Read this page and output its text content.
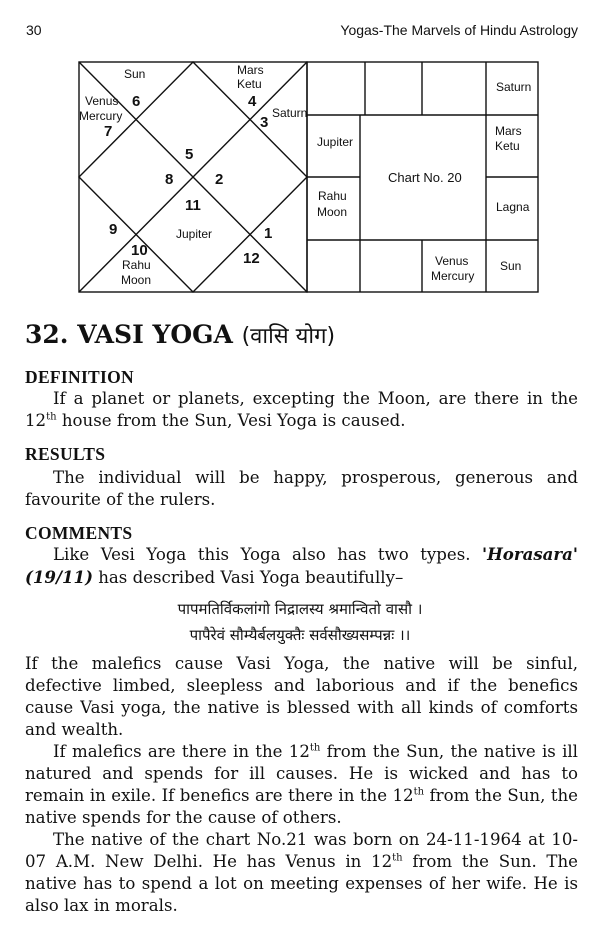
30	Yogas-The Marvels of Hindu Astrology
Sun	Mars
Ketu
Venus
Mercury	Saturn
Jupiter
Rahu
Moon
6	4
7
3
5
8	2
11
9	1
10	12
Saturn
Mars
Ketu
Jupiter
Chart No. 20
Rahu
Moon	Lagna
Venus
Mercury
Sun
32. VASI YOGA (वासि योग)
DEFINITION

If a planet or planets, excepting the Moon, are there in the 12th house from the Sun, Vesi Yoga is caused.

RESULTS

The individual will be happy, prosperous, generous and favourite of the rulers.

COMMENTS

Like Vesi Yoga this Yoga also has two types. 'Horasara' (19/11) has described Vasi Yoga beautifully–

पापमतिर्विकलांगो निद्रालस्य श्रमान्वितो वासौ ।
पापैरेवं सौम्यैर्बलयुक्तैः सर्वसौख्यसम्पन्नः ।।

If the malefics cause Vasi Yoga, the native will be sinful, defective limbed, sleepless and laborious and if the benefics cause Vasi yoga, the native is blessed with all kinds of comforts and wealth.

If malefics are there in the 12th from the Sun, the native is ill natured and spends for ill causes. He is wicked and has to remain in exile. If benefics are there in the 12th from the Sun, the native spends for the cause of others.

The native of the chart No.21 was born on 24-11-1964 at 10-07 A.M. New Delhi. He has Venus in 12th from the Sun. The native has to spend a lot on meeting expenses of her wife. He is also lax in morals.
